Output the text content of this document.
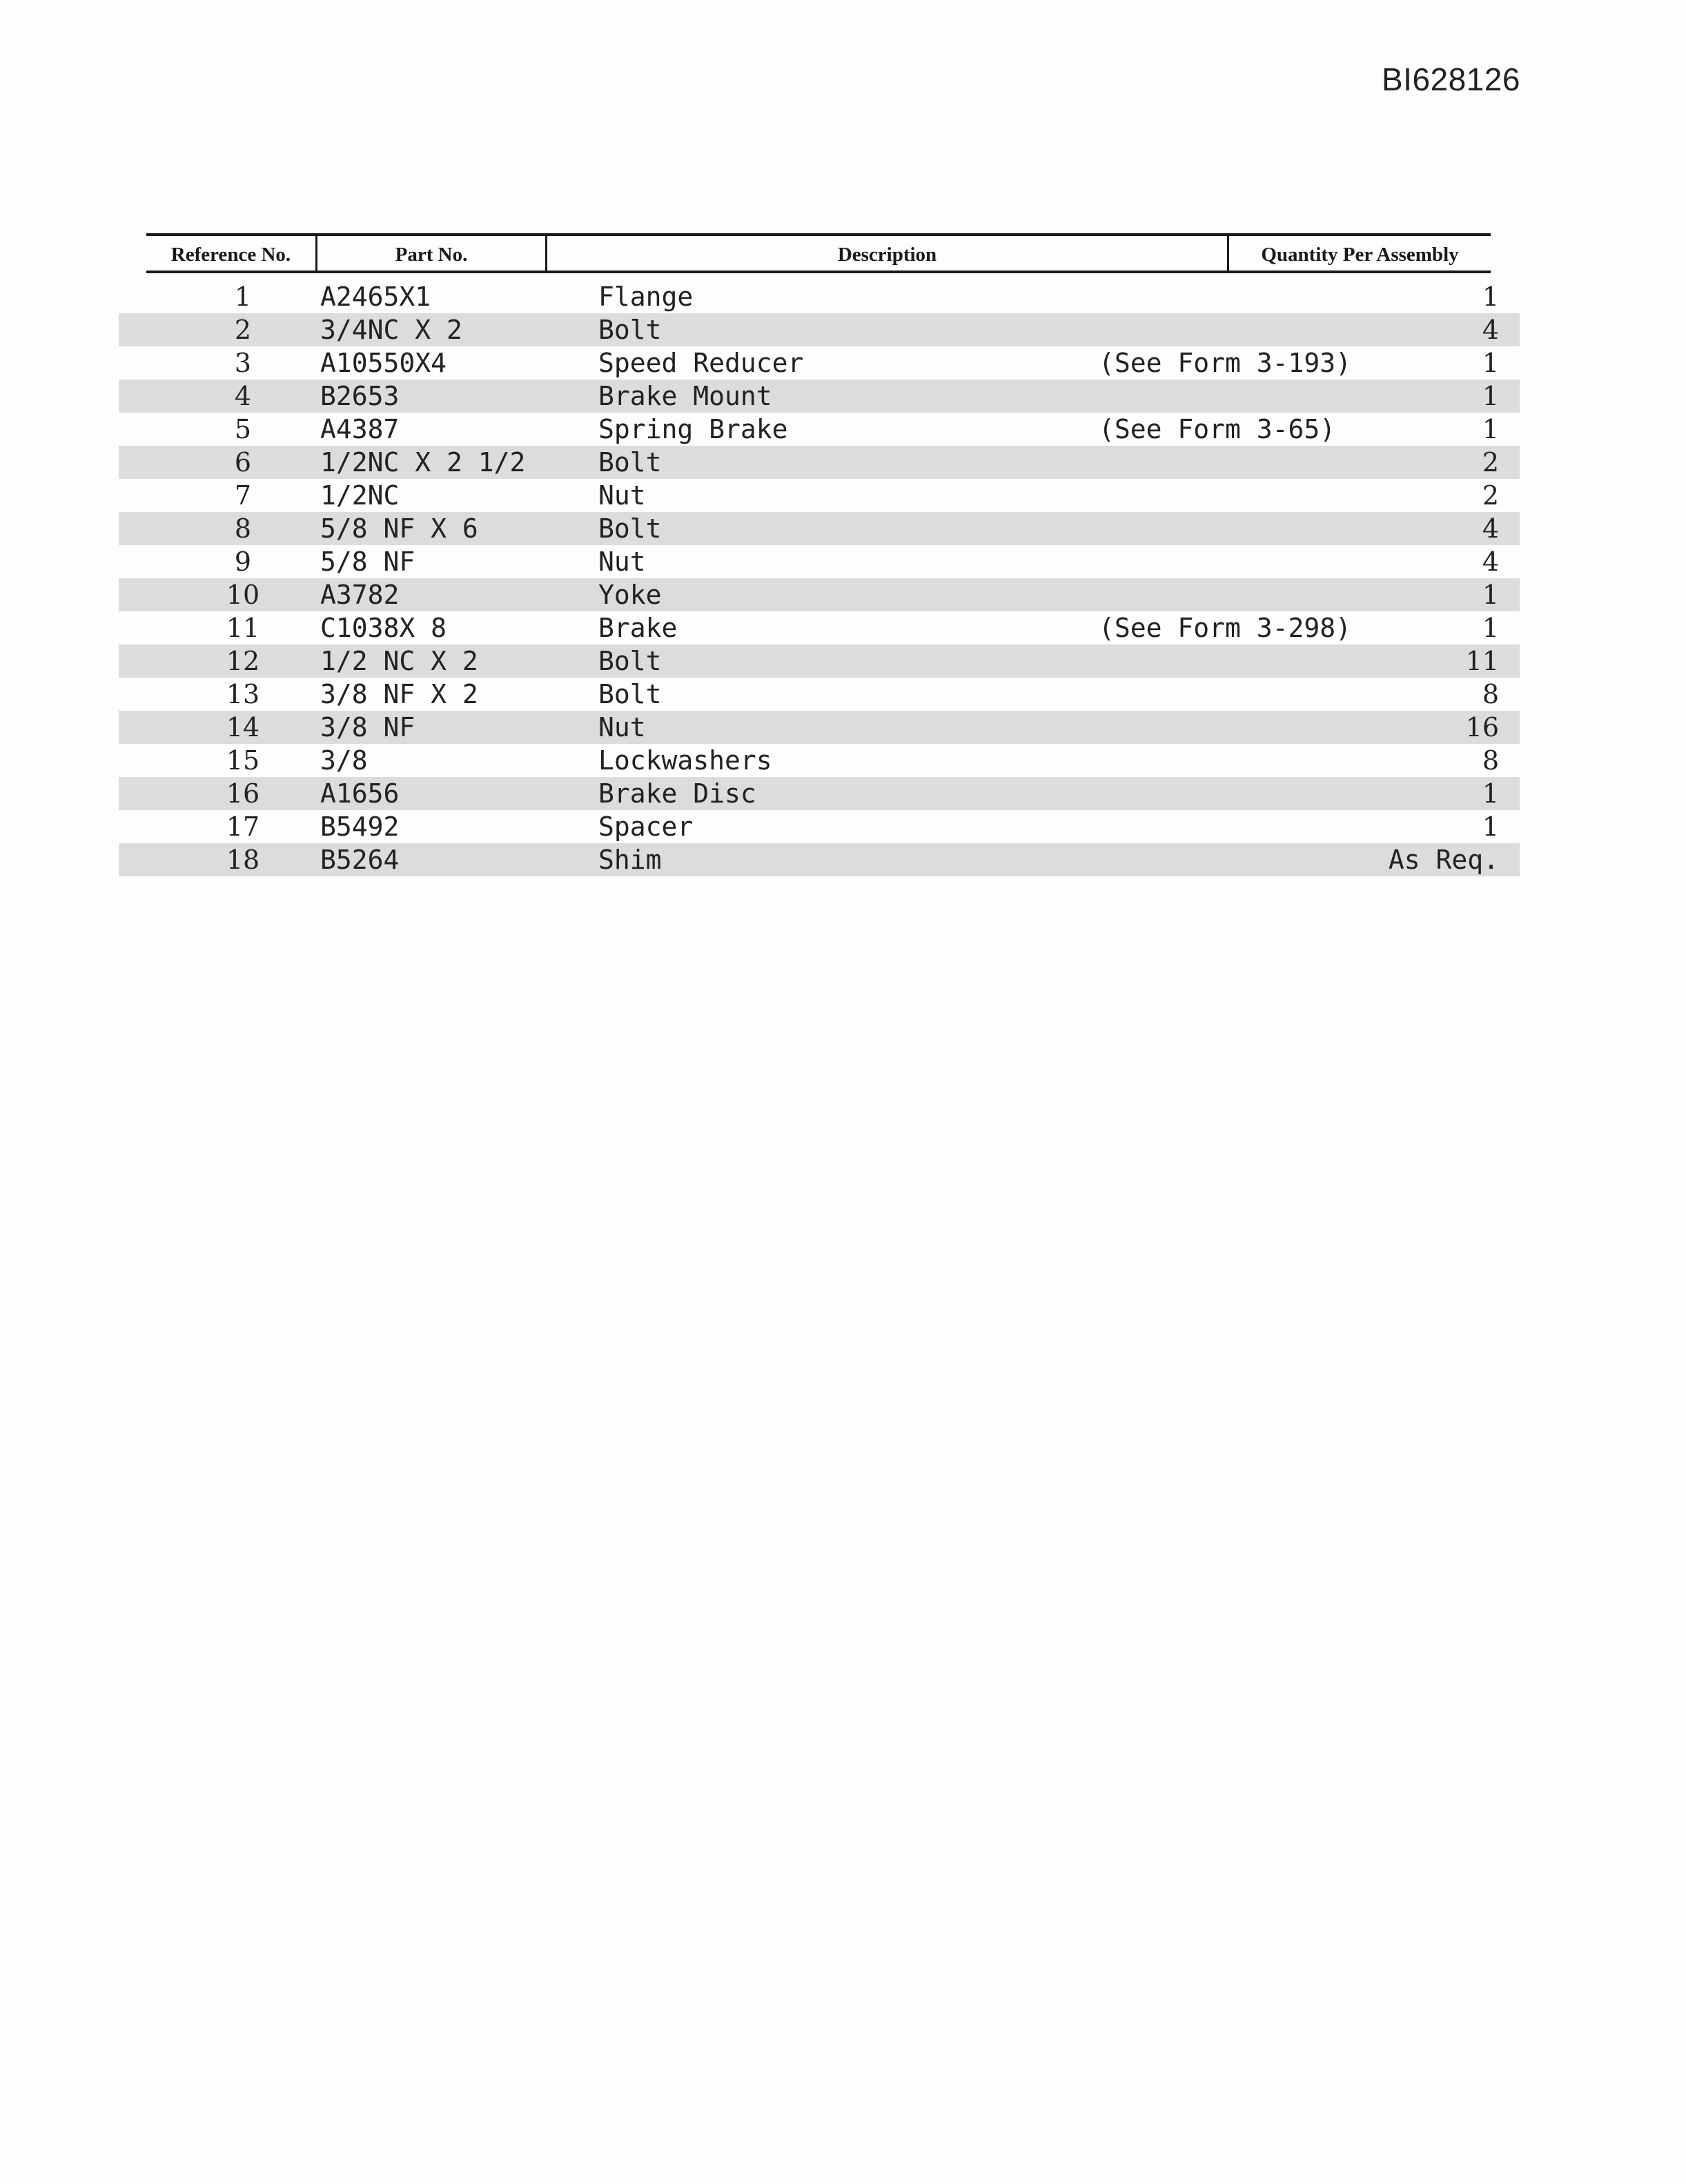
BI628126
Reference No.	Part No.	Description	Quantity Per Assembly
1	A2465X1	Flange	1
2	3/4NC X 2	Bolt	4
3	A10550X4	Speed Reducer	(See Form 3-193)	1
4	B2653	Brake Mount	1
5	A4387	Spring Brake	(See Form 3-65)	1
6	1/2NC X 2 1/2	Bolt	2
7	1/2NC	Nut	2
8	5/8 NF X 6	Bolt	4
9	5/8 NF	Nut	4
10 A3782	Yoke	1
11 C1038X 8	Brake	(See Form 3-298)	1
12 1/2 NC X 2	Bolt	11
13 3/8 NF X 2	Bolt	8
14 3/8 NF	Nut	16
15 3/8	Lockwashers	8
16 A1656	Brake Disc	1
17 B5492	Spacer	1
18 B5264	Shim	As Req.
